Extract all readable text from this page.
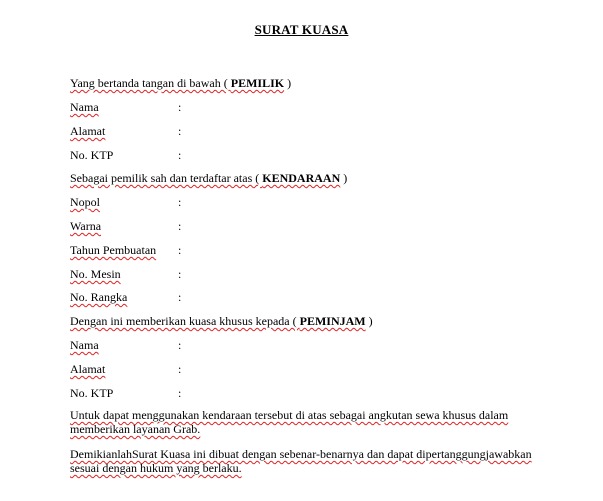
SURAT KUASA
Yang bertanda tangan di bawah ( PEMILIK )
Nama	:
Alamat	:
No. KTP	:
Sebagai pemilik sah dan terdaftar atas ( KENDARAAN )
Nopol	:
Warna	:
Tahun Pembuatan :
No. Mesin	:
No. Rangka	:
Dengan ini memberikan kuasa khusus kepada ( PEMINJAM )
Nama	:
Alamat	:
No. KTP	:
Untuk dapat menggunakan kendaraan tersebut di atas sebagai angkutan sewa khusus dalam memberikan layanan Grab.
DemikianlahSurat Kuasa ini dibuat dengan sebenar-benarnya dan dapat dipertanggungjawabkan sesuai dengan hukum yang berlaku.
